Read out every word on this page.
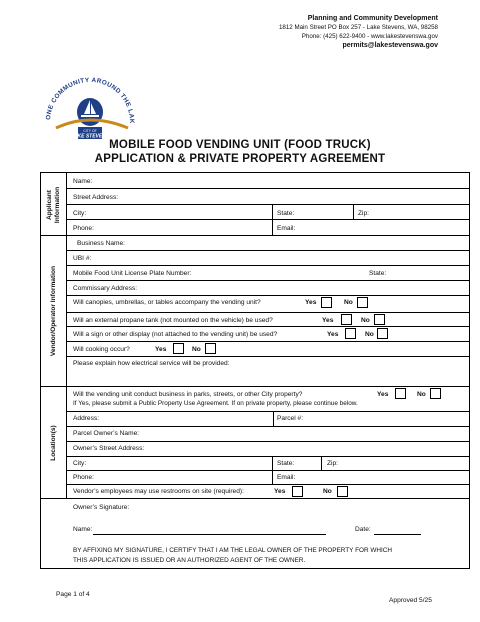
Planning and Community Development
1812 Main Street PO Box 257 - Lake Stevens, WA, 98258
Phone: (425) 622-9400 - www.lakestevenswa.gov
permits@lakestevenswa.gov
ONE COMMUNITY AROUND THE LAK
CITY OF
LAKE STEVENS
MOBILE FOOD VENDING UNIT (FOOD TRUCK)
APPLICATION & PRIVATE PROPERTY AGREEMENT
Applicant Information
Vendor/Operator Information
Location(s)
Name:
Street Address:
City:	State:	Zip:
Phone:	Email:
Business Name:
UBI #:
Mobile Food Unit License Plate Number:	State:
Commissary Address:
Will canopies, umbrellas, or tables accompany the vending unit?	Yes	No
Will an external propane tank (not mounted on the vehicle) be used?	Yes	No
Will a sign or other display (not attached to the vending unit) be used?	Yes	No
Will cooking occur?	Yes	No
Please explain how electrical service will be provided:
Will the vending unit conduct business in parks, streets, or other City property?	Yes	No
If Yes, please submit a Public Property Use Agreement. If on private property, please continue below.
Address:	Parcel #:
Parcel Owner’s Name:
Owner’s Street Address:
City:	State:	Zip:
Phone:	Email:
Vendor’s employees may use restrooms on site (required):	Yes	No
Owner’s Signature:
Name:	Date:
BY AFFIXING MY SIGNATURE, I CERTIFY THAT I AM THE LEGAL OWNER OF THE PROPERTY FOR WHICH
THIS APPLICATION IS ISSUED OR AN AUTHORIZED AGENT OF THE OWNER.
Page 1 of 4
Approved 5/25
